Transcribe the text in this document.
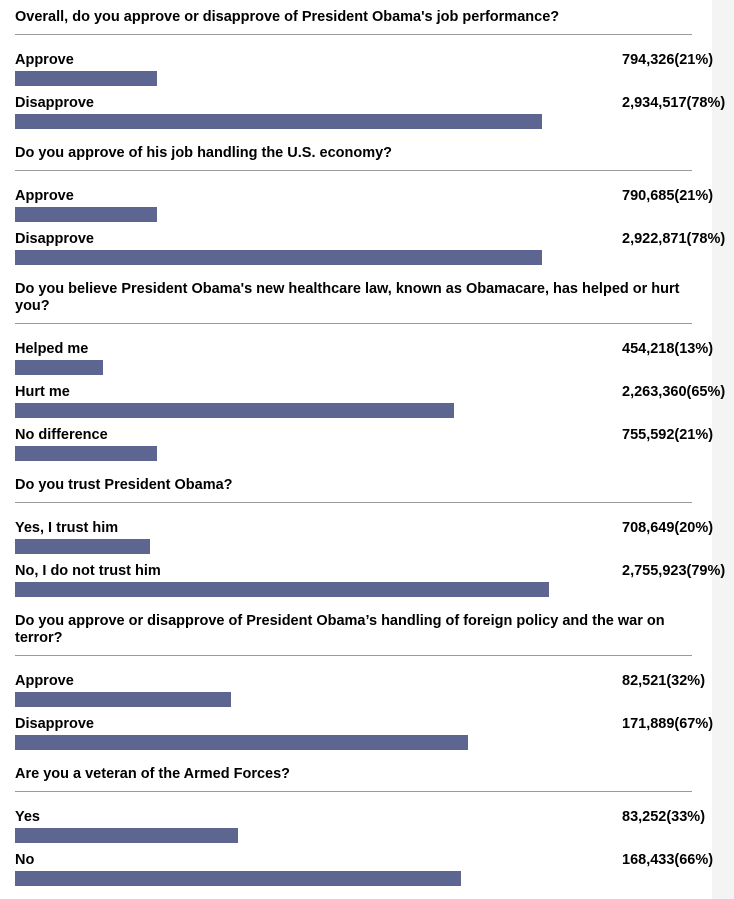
Overall, do you approve or disapprove of President Obama's job performance?

Approve	794,326(21%)
Disapprove	2,934,517(78%)

Do you approve of his job handling the U.S. economy?

Approve	790,685(21%)
Disapprove	2,922,871(78%)

Do you believe President Obama's new healthcare law, known as Obamacare, has helped or hurt you?

Helped me	454,218(13%)
Hurt me	2,263,360(65%)
No difference	755,592(21%)

Do you trust President Obama?

Yes, I trust him	708,649(20%)
No, I do not trust him	2,755,923(79%)

Do you approve or disapprove of President Obama’s handling of foreign policy and the war on terror?

Approve	82,521(32%)
Disapprove	171,889(67%)

Are you a veteran of the Armed Forces?

Yes	83,252(33%)
No	168,433(66%)
